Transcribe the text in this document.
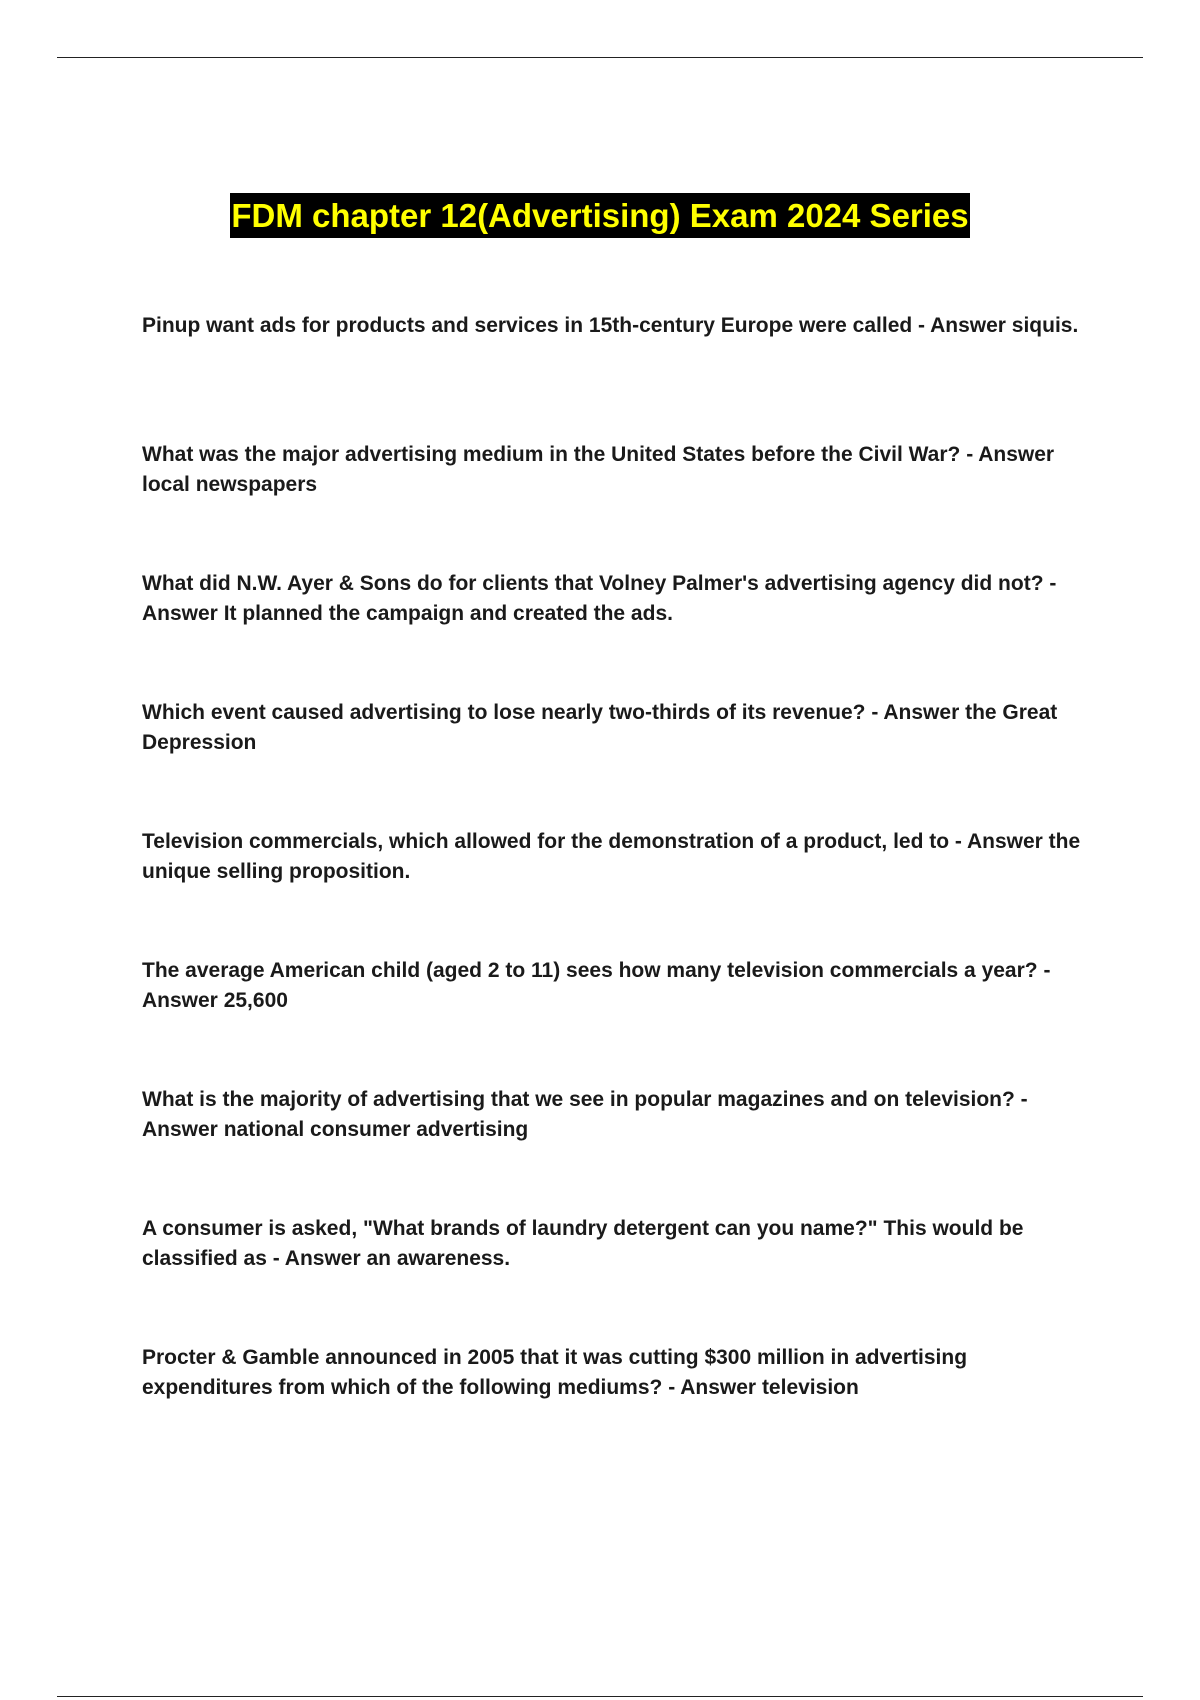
FDM chapter 12(Advertising) Exam 2024 Series
Pinup want ads for products and services in 15th-century Europe were called - Answer siquis.
What was the major advertising medium in the United States before the Civil War? - Answer local newspapers
What did N.W. Ayer & Sons do for clients that Volney Palmer's advertising agency did not? - Answer It planned the campaign and created the ads.
Which event caused advertising to lose nearly two-thirds of its revenue? - Answer the Great Depression
Television commercials, which allowed for the demonstration of a product, led to - Answer the unique selling proposition.
The average American child (aged 2 to 11) sees how many television commercials a year? - Answer 25,600
What is the majority of advertising that we see in popular magazines and on television? - Answer national consumer advertising
A consumer is asked, "What brands of laundry detergent can you name?" This would be classified as - Answer an awareness.
Procter & Gamble announced in 2005 that it was cutting $300 million in advertising expenditures from which of the following mediums? - Answer television
